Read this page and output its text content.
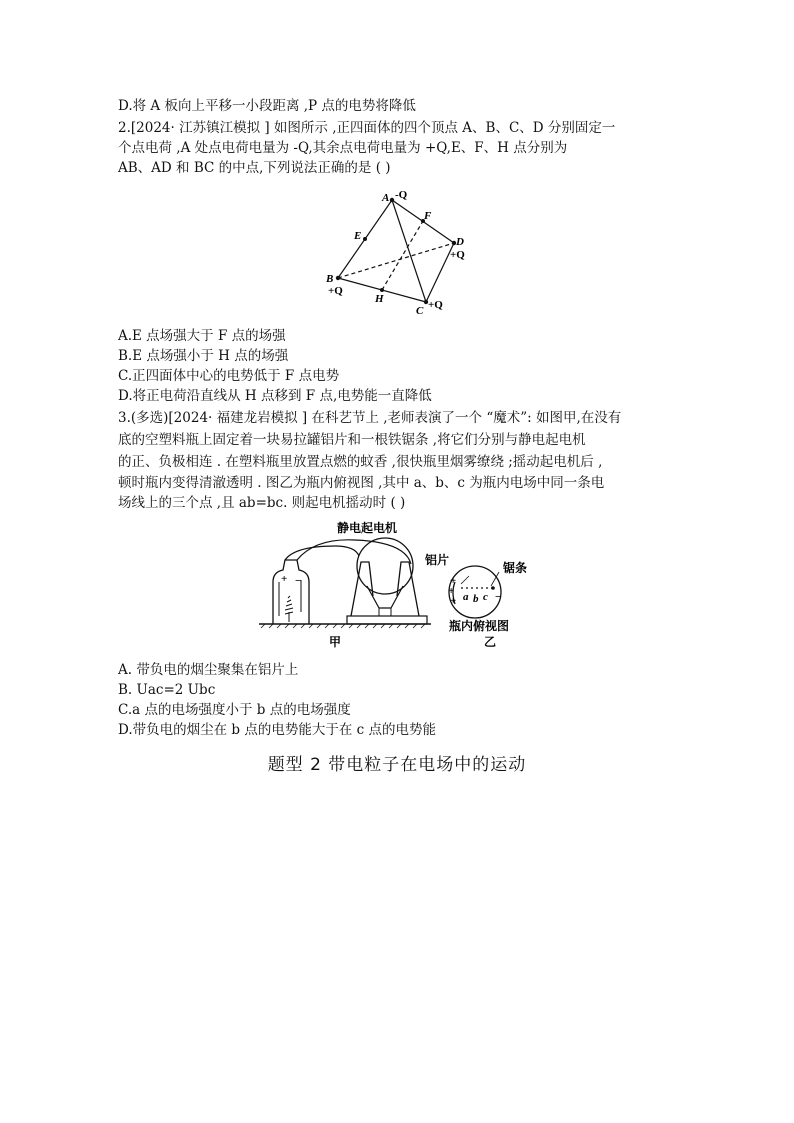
D.将 A 板向上平移一小段距离 ,P 点的电势将降低
2.[2024· 江苏镇江模拟 ] 如图所示 ,正四面体的四个顶点 A、B、C、D 分别固定一
个点电荷 ,A 处点电荷电量为 -Q,其余点电荷电量为 +Q,E、F、H 点分别为
AB、AD 和 BC 的中点,下列说法正确的是 ( )
A -Q
B
+Q
C +Q
D
+Q
E
F
H
A.E 点场强大于 F 点的场强
B.E 点场强小于 H 点的场强
C.正四面体中心的电势低于 F 点电势
D.将正电荷沿直线从 H 点移到 F 点,电势能一直降低
3.(多选)[2024· 福建龙岩模拟 ] 在科艺节上 ,老师表演了一个 “魔术”: 如图甲,在没有
底的空塑料瓶上固定着一块易拉罐铝片和一根铁锯条 ,将它们分别与静电起电机
的正、负极相连 . 在塑料瓶里放置点燃的蚊香 ,很快瓶里烟雾缭绕 ;摇动起电机后 ,
顿时瓶内变得清澈透明 . 图乙为瓶内俯视图 ,其中 a、b、c 为瓶内电场中同一条电
场线上的三个点 ,且 ab=bc. 则起电机摇动时 ( )
+ −
静电起电机
甲
+
+
+	−
a b c
铝片
锯条
瓶内俯视图
乙
A. 带负电的烟尘聚集在铝片上
B. Uac=2 Ubc
C.a 点的电场强度小于 b 点的电场强度
D.带负电的烟尘在 b 点的电势能大于在 c 点的电势能
题型 2 带电粒子在电场中的运动
